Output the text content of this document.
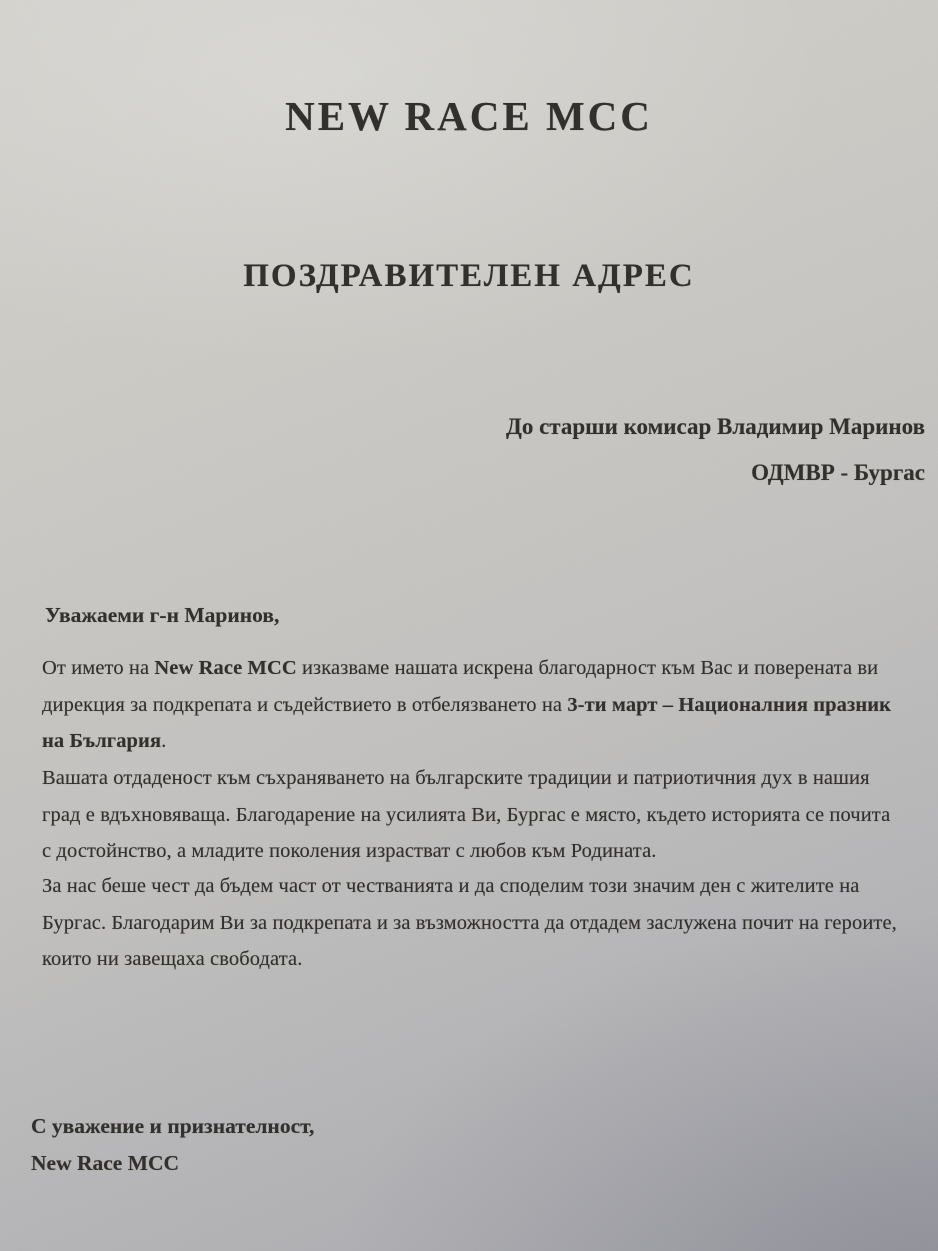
NEW RACE MCC
ПОЗДРАВИТЕЛЕН АДРЕС
До старши комисар Владимир Маринов
ОДМВР - Бургас
Уважаеми г-н Маринов,

От името на New Race MCC изказваме нашата искрена благодарност към Вас и поверената ви дирекция за подкрепата и съдействието в отбелязването на 3-ти март – Националния празник на България.

Вашата отдаденост към съхраняването на българските традиции и патриотичния дух в нашия град е вдъхновяваща. Благодарение на усилията Ви, Бургас е място, където историята се почита с достойнство, а младите поколения израстват с любов към Родината.

За нас беше чест да бъдем част от честванията и да споделим този значим ден с жителите на Бургас. Благодарим Ви за подкрепата и за възможността да отдадем заслужена почит на героите, които ни завещаха свободата.

С уважение и признателност,
New Race MCC
